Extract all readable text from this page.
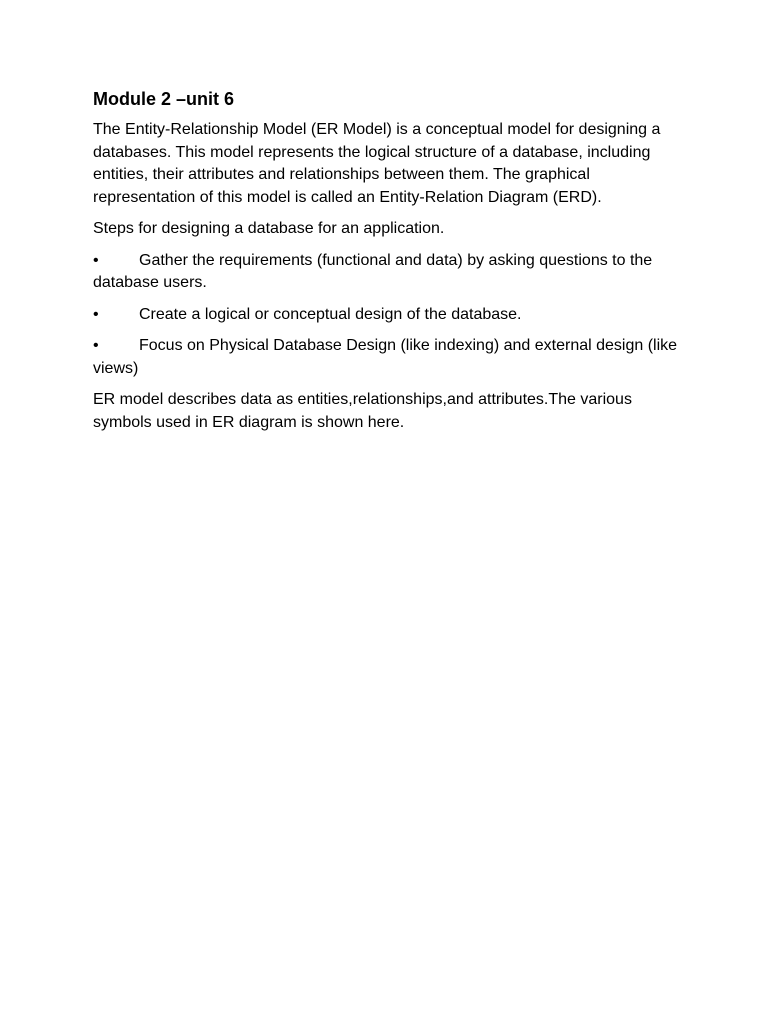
Module 2 –unit 6

The Entity-Relationship Model (ER Model) is a conceptual model for designing a databases. This model represents the logical structure of a database, including entities, their attributes and relationships between them. The graphical representation of this model is called an Entity-Relation Diagram (ERD).

Steps for designing a database for an application.

•	Gather the requirements (functional and data) by asking questions to the database users.

•	Create a logical or conceptual design of the database.

•	Focus on Physical Database Design (like indexing) and external design (like views)

ER model describes data as entities,relationships,and attributes.The various symbols used in ER diagram is shown here.
